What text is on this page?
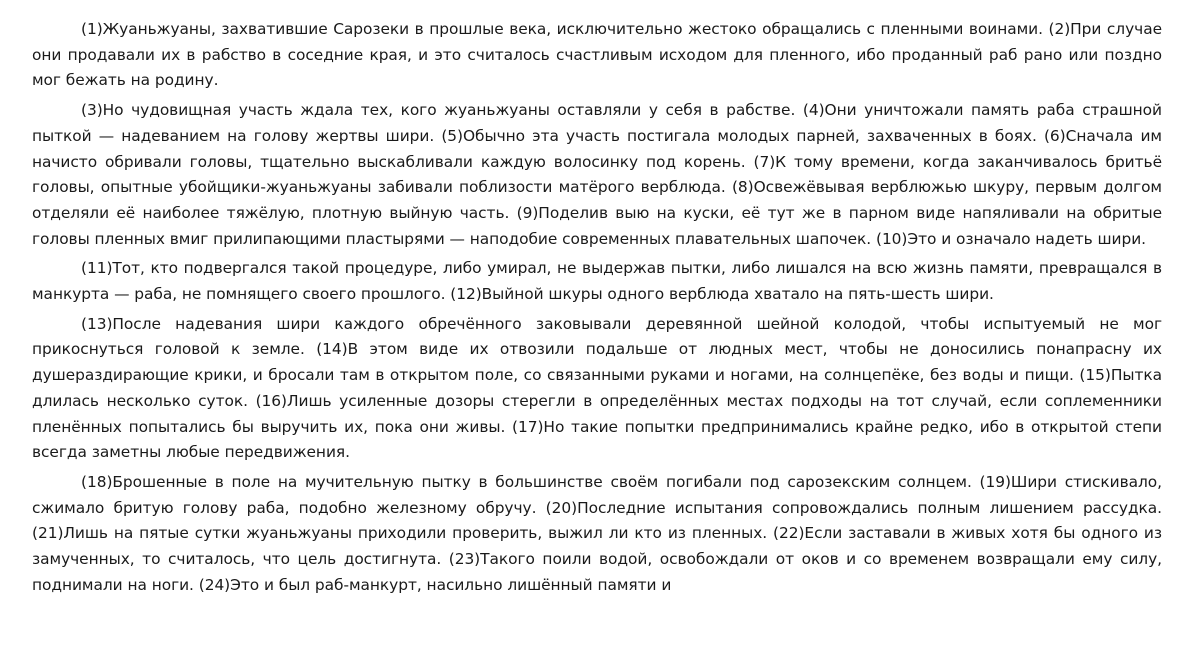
(1)Жуаньжуаны, захватившие Сарозеки в прошлые века, исключительно жестоко обращались с пленными воинами. (2)При случае они продавали их в рабство в соседние края, и это считалось счастливым исходом для пленного, ибо проданный раб рано или поздно мог бежать на родину.

(3)Но чудовищная участь ждала тех, кого жуаньжуаны оставляли у себя в рабстве. (4)Они уничтожали память раба страшной пыткой — надеванием на голову жертвы шири. (5)Обычно эта участь постигала молодых парней, захваченных в боях. (6)Сначала им начисто обривали головы, тщательно выскабливали каждую волосинку под корень. (7)К тому времени, когда заканчивалось бритьё головы, опытные убойщики-жуаньжуаны забивали поблизости матёрого верблюда. (8)Освежёвывая верблюжью шкуру, первым долгом отделяли её наиболее тяжёлую, плотную выйную часть. (9)Поделив выю на куски, её тут же в парном виде напяливали на обритые головы пленных вмиг прилипающими пластырями — наподобие современных плавательных шапочек. (10)Это и означало надеть шири.

(11)Тот, кто подвергался такой процедуре, либо умирал, не выдержав пытки, либо лишался на всю жизнь памяти, превращался в манкурта — раба, не помнящего своего прошлого. (12)Выйной шкуры одного верблюда хватало на пять-шесть шири.

(13)После надевания шири каждого обречённого заковывали деревянной шейной колодой, чтобы испытуемый не мог прикоснуться головой к земле. (14)В этом виде их отвозили подальше от людных мест, чтобы не доносились понапрасну их душераздирающие крики, и бросали там в открытом поле, со связанными руками и ногами, на солнцепёке, без воды и пищи. (15)Пытка длилась несколько суток. (16)Лишь усиленные дозоры стерегли в определённых местах подходы на тот случай, если соплеменники пленённых попытались бы выручить их, пока они живы. (17)Но такие попытки предпринимались крайне редко, ибо в открытой степи всегда заметны любые передвижения.

(18)Брошенные в поле на мучительную пытку в большинстве своём погибали под сарозекским солнцем. (19)Шири стискивало, сжимало бритую голову раба, подобно железному обручу. (20)Последние испытания сопровождались полным лишением рассудка. (21)Лишь на пятые сутки жуаньжуаны приходили проверить, выжил ли кто из пленных. (22)Если заставали в живых хотя бы одного из замученных, то считалось, что цель достигнута. (23)Такого поили водой, освобождали от оков и со временем возвращали ему силу, поднимали на ноги. (24)Это и был раб-манкурт, насильно лишённый памяти и
